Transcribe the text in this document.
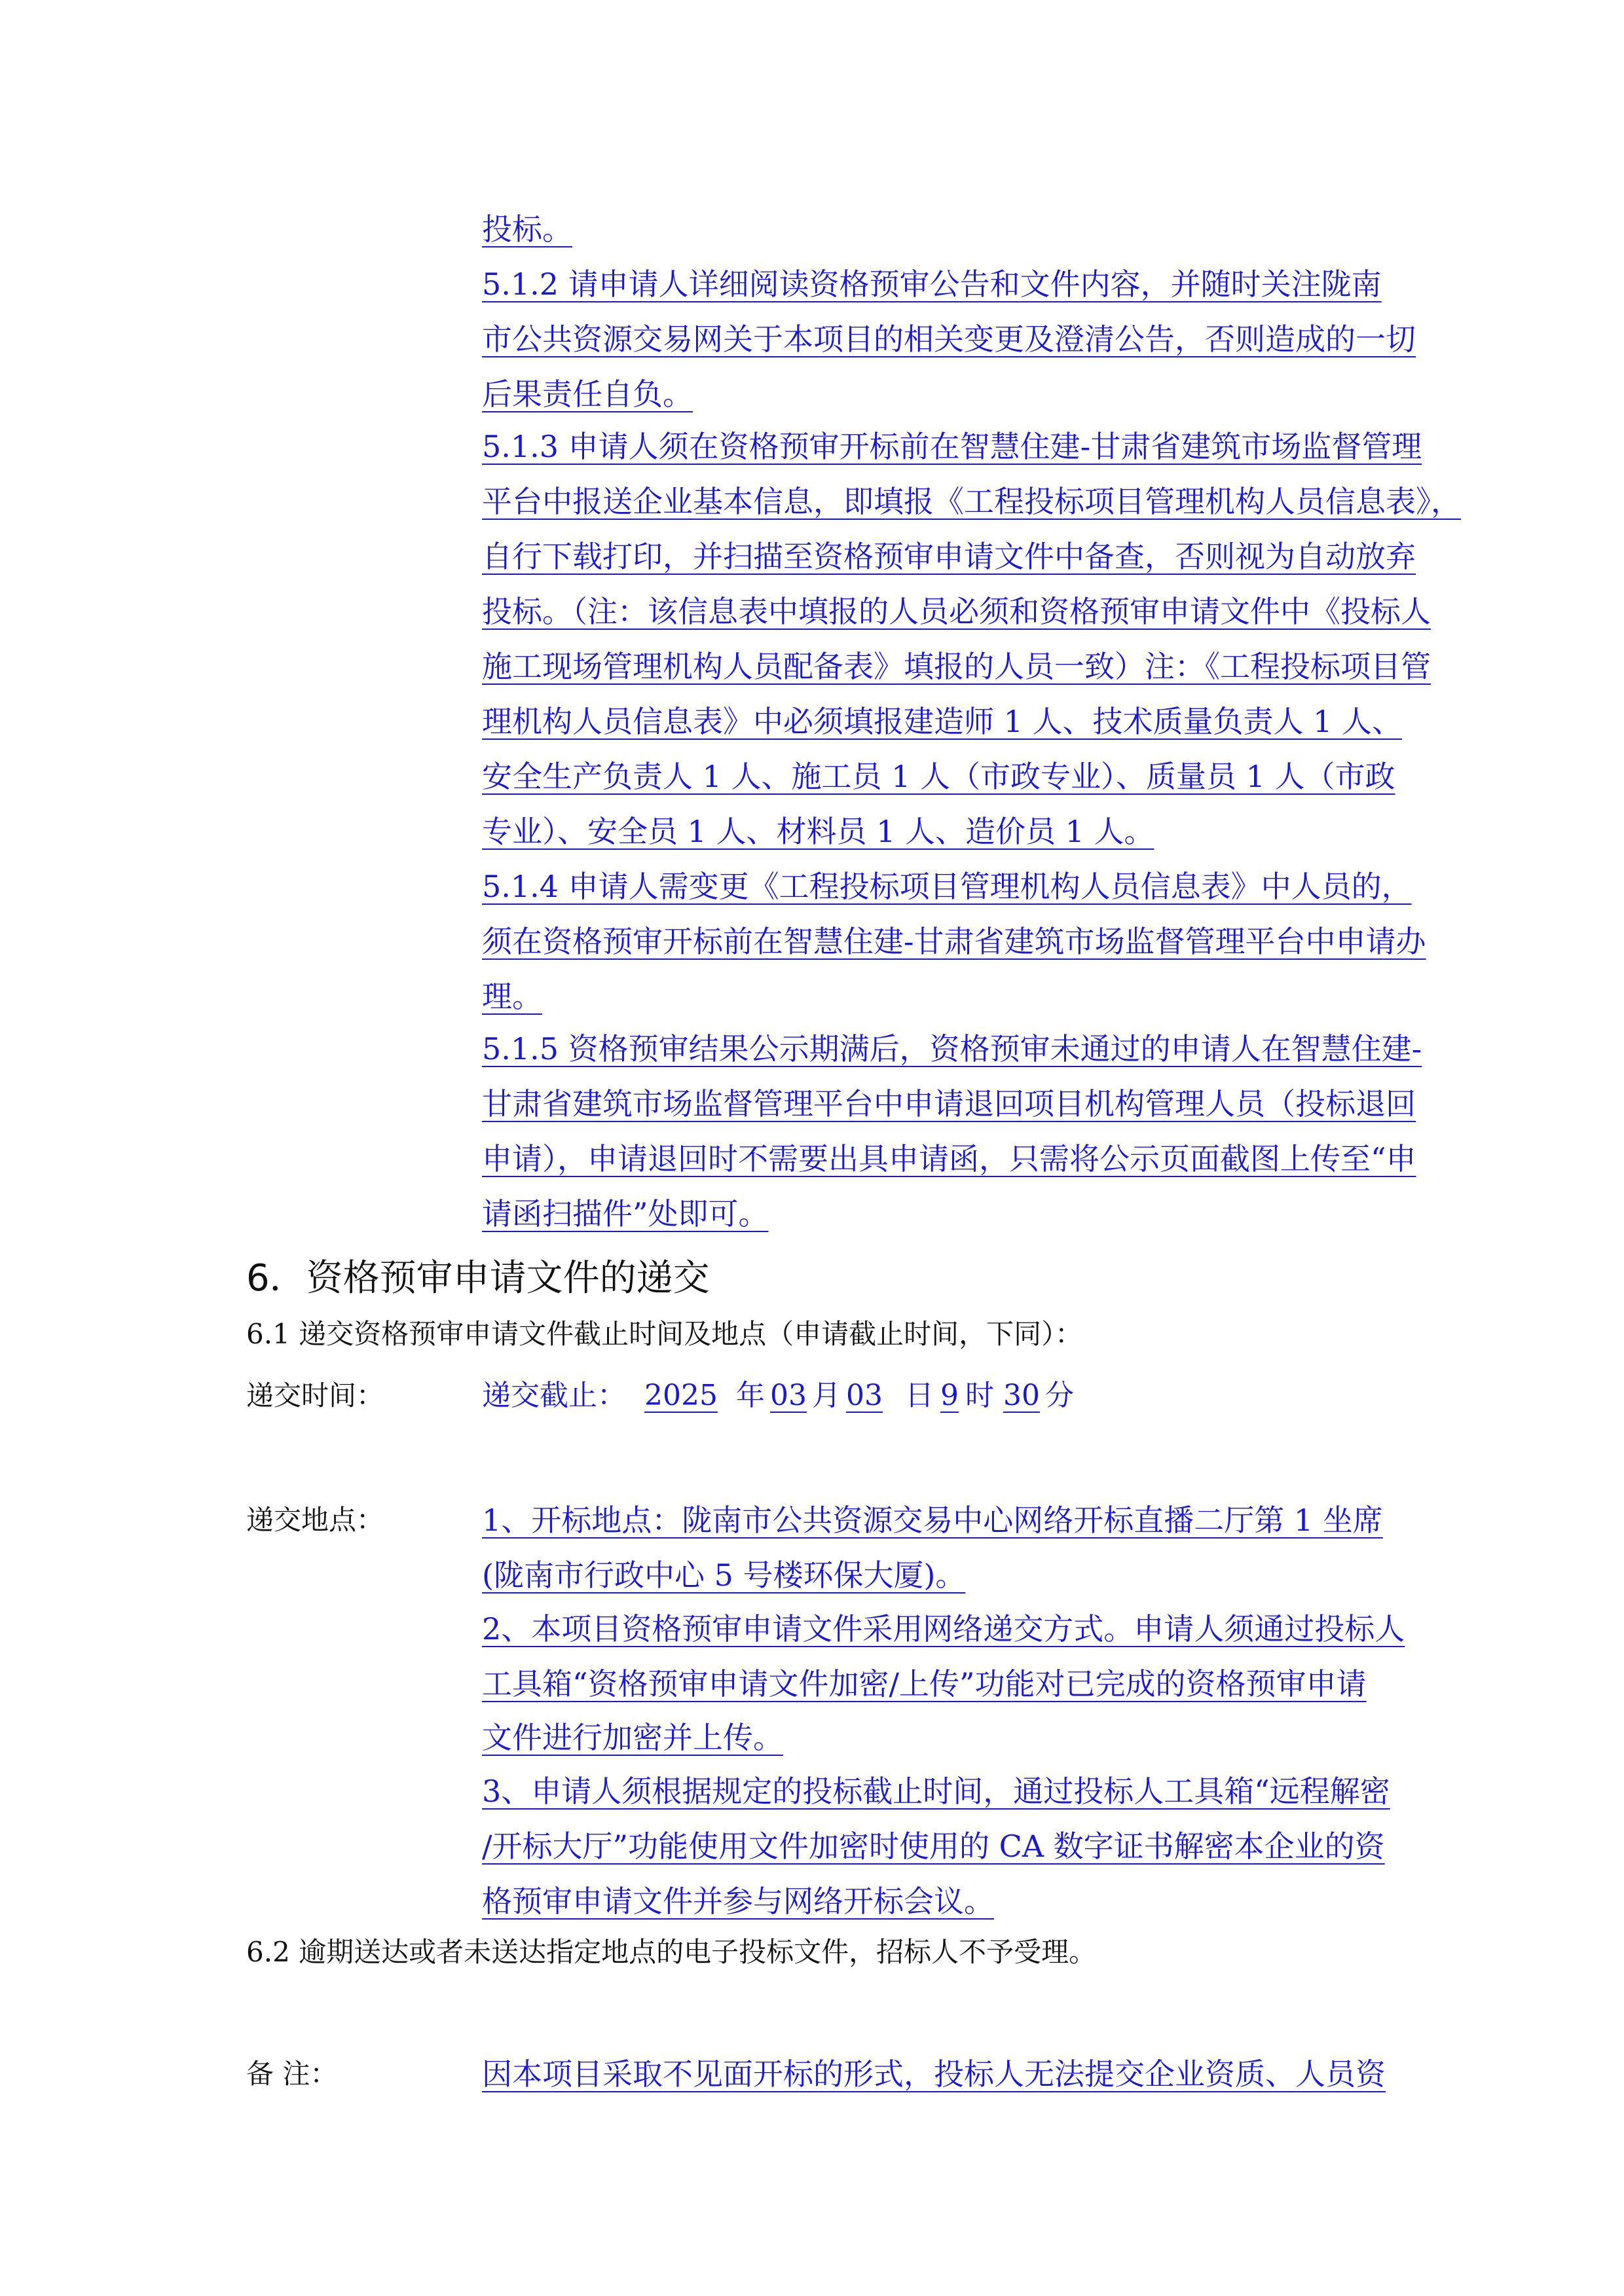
投标。
5.1.2 请申请人详细阅读资格预审公告和文件内容，并随时关注陇南
市公共资源交易网关于本项目的相关变更及澄清公告，否则造成的一切
后果责任自负。
5.1.3 申请人须在资格预审开标前在智慧住建-甘肃省建筑市场监督管理
平台中报送企业基本信息，即填报《工程投标项目管理机构人员信息表》，
自行下载打印，并扫描至资格预审申请文件中备查，否则视为自动放弃
投标。（注：该信息表中填报的人员必须和资格预审申请文件中《投标人
施工现场管理机构人员配备表》填报的人员一致）注：《工程投标项目管
理机构人员信息表》中必须填报建造师 1 人、技术质量负责人 1 人、
安全生产负责人 1 人、施工员 1 人（市政专业）、质量员 1 人（市政
专业）、安全员 1 人、材料员 1 人、造价员 1 人。
5.1.4 申请人需变更《工程投标项目管理机构人员信息表》中人员的，
须在资格预审开标前在智慧住建-甘肃省建筑市场监督管理平台中申请办
理。
5.1.5 资格预审结果公示期满后，资格预审未通过的申请人在智慧住建-
甘肃省建筑市场监督管理平台中申请退回项目机构管理人员（投标退回
申请），申请退回时不需要出具申请函，只需将公示页面截图上传至“申
请函扫描件”处即可。
6．资格预审申请文件的递交
6.1 递交资格预审申请文件截止时间及地点（申请截止时间，下同）：
递交时间：	递交截止： 2025 年 03 月 03 日 9 时 30 分
递交地点：	1、开标地点：陇南市公共资源交易中心网络开标直播二厅第 1 坐席
(陇南市行政中心 5 号楼环保大厦)。
2、本项目资格预审申请文件采用网络递交方式。申请人须通过投标人
工具箱“资格预审申请文件加密/上传”功能对已完成的资格预审申请
文件进行加密并上传。
3、申请人须根据规定的投标截止时间，通过投标人工具箱“远程解密
/开标大厅”功能使用文件加密时使用的 CA 数字证书解密本企业的资
格预审申请文件并参与网络开标会议。
6.2 逾期送达或者未送达指定地点的电子投标文件，招标人不予受理。
备 注：	因本项目采取不见面开标的形式，投标人无法提交企业资质、人员资
